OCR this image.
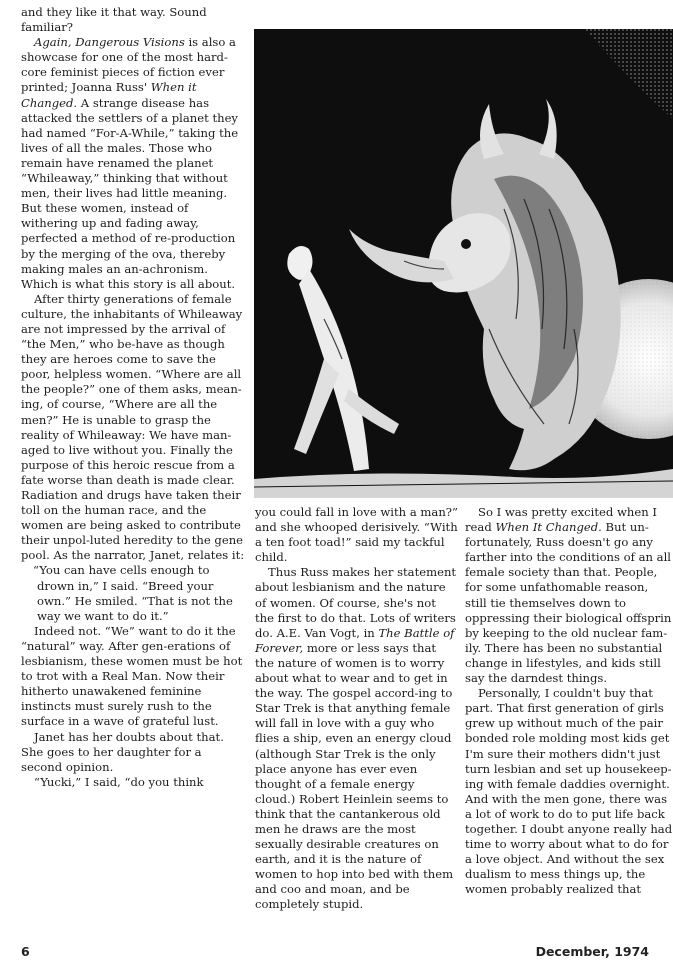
and they like it that way. Sound familiar?

Again, Dangerous Visions is also a showcase for one of the most hard-core feminist pieces of fiction ever printed; Joanna Russ' When it Changed. A strange disease has attacked the settlers of a planet they had named “For-A-While,” taking the lives of all the males. Those who remain have renamed the planet “Whileaway,” thinking that without men, their lives had little meaning. But these women, instead of withering up and fading away, perfected a method of re-production by the merging of the ova, thereby making males an an-achronism. Which is what this story is all about.

After thirty generations of female culture, the inhabitants of Whileaway are not impressed by the arrival of “the Men,” who be-have as though they are heroes come to save the poor, helpless women. “Where are all the people?” one of them asks, mean-ing, of course, “Where are all the men?” He is unable to grasp the reality of Whileaway: We have man-aged to live without you. Finally the purpose of this heroic rescue from a fate worse than death is made clear. Radiation and drugs have taken their toll on the human race, and the women are being asked to contribute their unpol-luted heredity to the gene pool. As the narrator, Janet, relates it:

“You can have cells enough to drown in,” I said. “Breed your own.” He smiled. “That is not the way we want to do it.”

Indeed not. “We” want to do it the “natural” way. After gen-erations of lesbianism, these women must be hot to trot with a Real Man. Now their hitherto unawakened feminine instincts must surely rush to the surface in a wave of grateful lust.

Janet has her doubts about that. She goes to her daughter for a second opinion.

“Yucki,” I said, “do you think

you could fall in love with a man?” and she whooped derisively. “With a ten foot toad!” said my tackful child.

Thus Russ makes her statement about lesbianism and the nature of women. Of course, she's not the first to do that. Lots of writers do. A.E. Van Vogt, in The Battle of Forever, more or less says that the nature of women is to worry about what to wear and to get in the way. The gospel accord-ing to Star Trek is that anything female will fall in love with a guy who flies a ship, even an energy cloud (although Star Trek is the only place anyone has ever even thought of a female energy cloud.) Robert Heinlein seems to think that the cantankerous old men he draws are the most sexually desirable creatures on earth, and it is the nature of women to hop into bed with them and coo and moan, and be completely stupid.

So I was pretty excited when I read When It Changed. But un-fortunately, Russ doesn't go any farther into the conditions of an all female society than that. People, for some unfathomable reason, still tie themselves down to oppressing their biological offsprin by keeping to the old nuclear fam-ily. There has been no substantial change in lifestyles, and kids still say the darndest things.

Personally, I couldn't buy that part. That first generation of girls grew up without much of the pair bonded role molding most kids get I'm sure their mothers didn't just turn lesbian and set up housekeep-ing with female daddies overnight. And with the men gone, there was a lot of work to do to put life back together. I doubt anyone really had time to worry about what to do for a love object. And without the sex dualism to mess things up, the women probably realized that

6	December, 1974
